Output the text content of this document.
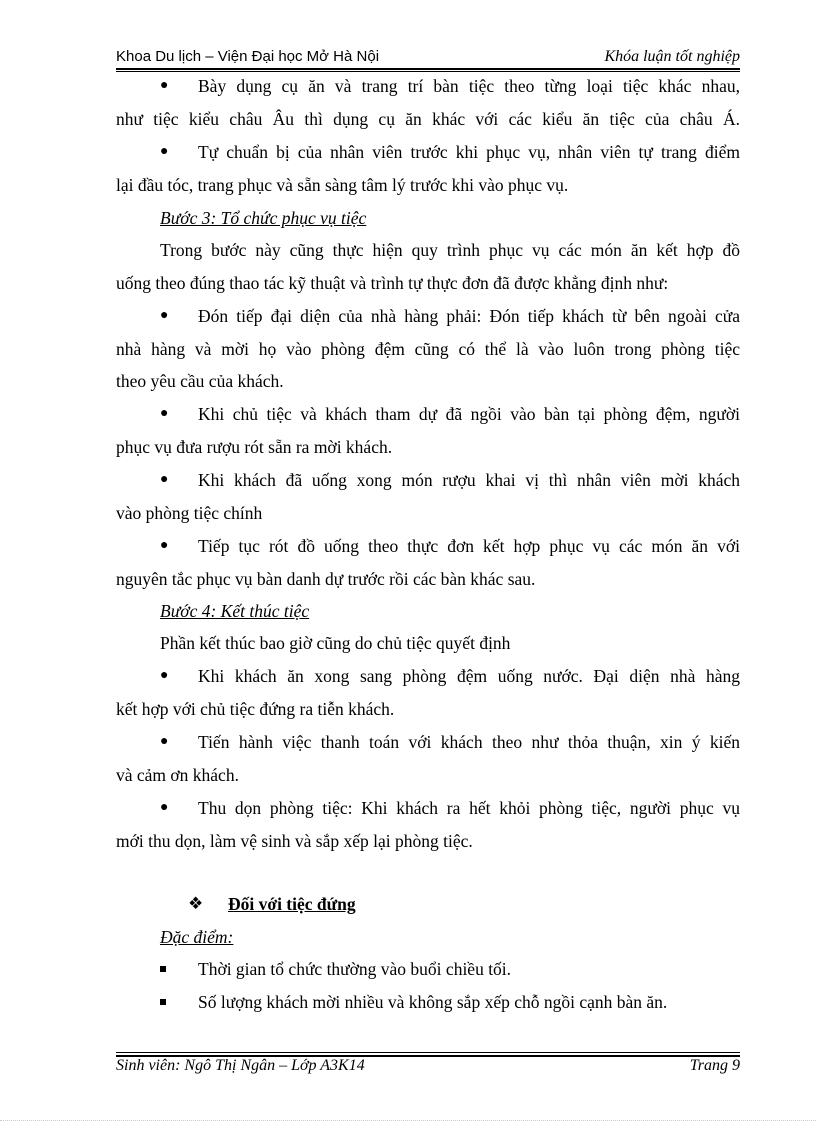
Khoa Du lịch – Viện Đại học Mở Hà Nội	Khóa luận tốt nghiệp
● Bày dụng cụ ăn và trang trí bàn tiệc theo từng loại tiệc khác nhau,
như tiệc kiểu châu Âu thì dụng cụ ăn khác với các kiểu ăn tiệc của châu Á.
● Tự chuẩn bị của nhân viên trước khi phục vụ, nhân viên tự trang điểm
lại đầu tóc, trang phục và sẵn sàng tâm lý trước khi vào phục vụ.
Bước 3: Tổ chức phục vụ tiệc
Trong bước này cũng thực hiện quy trình phục vụ các món ăn kết hợp đồ
uống theo đúng thao tác kỹ thuật và trình tự thực đơn đã được khẳng định như:
● Đón tiếp đại diện của nhà hàng phải: Đón tiếp khách từ bên ngoài cửa
nhà hàng và mời họ vào phòng đệm cũng có thể là vào luôn trong phòng tiệc
theo yêu cầu của khách.
● Khi chủ tiệc và khách tham dự đã ngồi vào bàn tại phòng đệm, người
phục vụ đưa rượu rót sẵn ra mời khách.
● Khi khách đã uống xong món rượu khai vị thì nhân viên mời khách
vào phòng tiệc chính
● Tiếp tục rót đồ uống theo thực đơn kết hợp phục vụ các món ăn với
nguyên tắc phục vụ bàn danh dự trước rồi các bàn khác sau.
Bước 4: Kết thúc tiệc
Phần kết thúc bao giờ cũng do chủ tiệc quyết định
● Khi khách ăn xong sang phòng đệm uống nước. Đại diện nhà hàng
kết hợp với chủ tiệc đứng ra tiễn khách.
● Tiến hành việc thanh toán với khách theo như thỏa thuận, xin ý kiến
và cảm ơn khách.
● Thu dọn phòng tiệc: Khi khách ra hết khỏi phòng tiệc, người phục vụ
mới thu dọn, làm vệ sinh và sắp xếp lại phòng tiệc.
❖ Đối với tiệc đứng
Đặc điểm:
Thời gian tổ chức thường vào buổi chiều tối.
Số lượng khách mời nhiều và không sắp xếp chỗ ngồi cạnh bàn ăn.
Sinh viên: Ngô Thị Ngân – Lớp A3K14	Trang 9
